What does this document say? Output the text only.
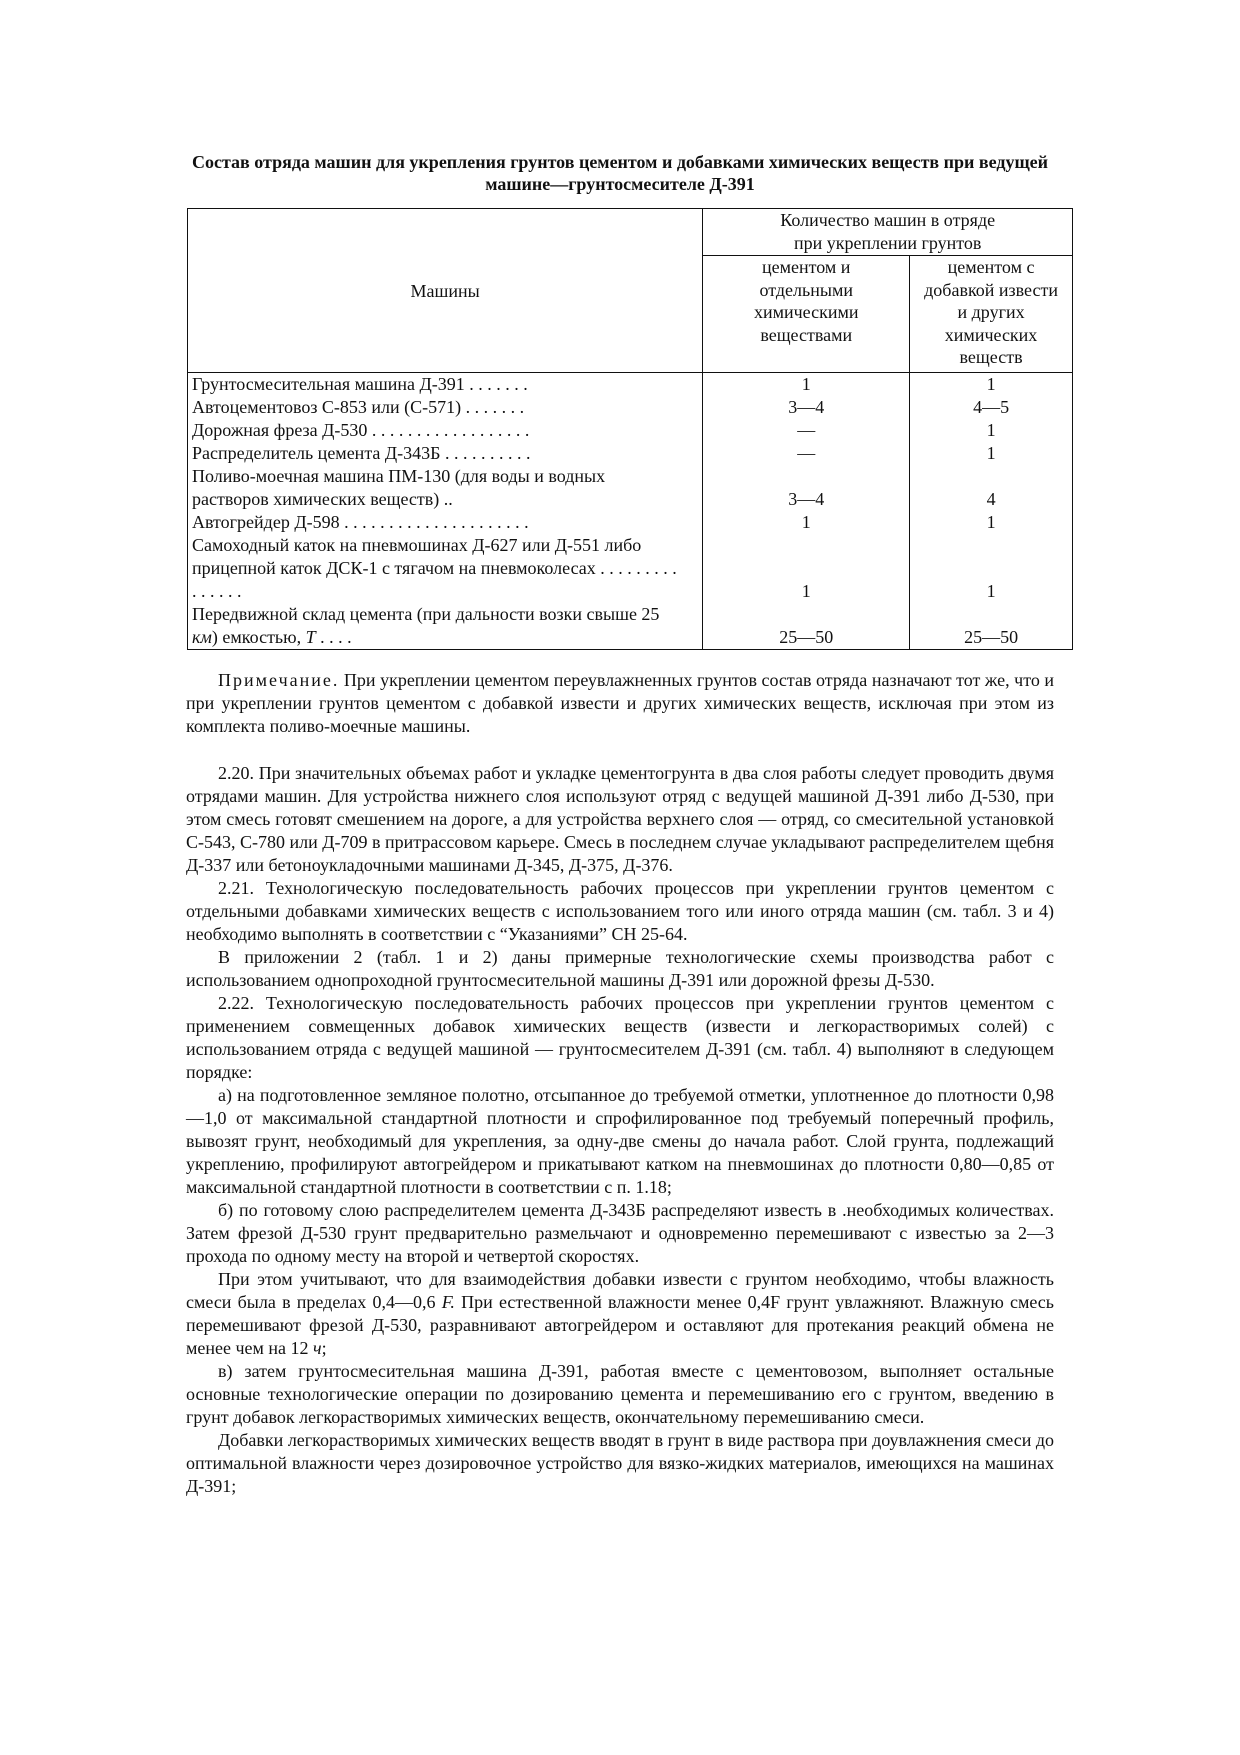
Состав отряда машин для укрепления грунтов цементом и добавками химических веществ при ведущей машине—грунтосмесителе Д-391
Машины	Количество машин в отряде
при укреплении грунтов	

	цементом и
отдельными
химическими
веществами	цементом с
добавкой извести
и других
химических
веществ

Грунтосмесительная машина Д-391 . . . . . . .	1	1
Автоцементовоз С-853 или (С-571) . . . . . . .	3—4	4—5
Дорожная фреза Д-530 . . . . . . . . . . . . . . . . . .	—	1
Распределитель цемента Д-343Б . . . . . . . . . .	—	1
Поливо-моечная машина ПМ-130 (для воды и водных растворов химических веществ) ..	3—4	4
Автогрейдер Д-598 . . . . . . . . . . . . . . . . . . . . .	1	1
Самоходный каток на пневмошинах Д-627 или Д-551 либо прицепной каток ДСК-1 с тягачом на пневмоколесах . . . . . . . . . . . . . . .	1	1
Передвижной склад цемента (при дальности возки свыше 25 км) емкостью, Т . . . .	25—50	25—50

Примечание. При укреплении цементом переувлажненных грунтов состав отряда назначают тот же, что и при укреплении грунтов цементом с добавкой извести и других химических веществ, исключая при этом из комплекта поливо-моечные машины.

2.20. При значительных объемах работ и укладке цементогрунта в два слоя работы следует проводить двумя отрядами машин. Для устройства нижнего слоя используют отряд с ведущей машиной Д-391 либо Д-530, при этом смесь готовят смешением на дороге, а для устройства верхнего слоя — отряд, со смесительной установкой С-543, С-780 или Д-709 в притрассовом карьере. Смесь в последнем случае укладывают распределителем щебня Д-337 или бетоноукладочными машинами Д-345, Д-375, Д-376.

2.21. Технологическую последовательность рабочих процессов при укреплении грунтов цементом с отдельными добавками химических веществ с использованием того или иного отряда машин (см. табл. 3 и 4) необходимо выполнять в соответствии с “Указаниями” СН 25-64.

В приложении 2 (табл. 1 и 2) даны примерные технологические схемы производства работ с использованием однопроходной грунтосмесительной машины Д-391 или дорожной фрезы Д-530.

2.22. Технологическую последовательность рабочих процессов при укреплении грунтов цементом с применением совмещенных добавок химических веществ (извести и легкорастворимых солей) с использованием отряда с ведущей машиной — грунтосмесителем Д-391 (см. табл. 4) выполняют в следующем порядке:

а) на подготовленное земляное полотно, отсыпанное до требуемой отметки, уплотненное до плотности 0,98—1,0 от максимальной стандартной плотности и спрофилированное под требуемый поперечный профиль, вывозят грунт, необходимый для укрепления, за одну-две смены до начала работ. Слой грунта, подлежащий укреплению, профилируют автогрейдером и прикатывают катком на пневмошинах до плотности 0,80—0,85 от максимальной стандартной плотности в соответствии с п. 1.18;

б) по готовому слою распределителем цемента Д-343Б распределяют известь в .необходимых количествах. Затем фрезой Д-530 грунт предварительно размельчают и одновременно перемешивают с известью за 2—3 прохода по одному месту на второй и четвертой скоростях.

При этом учитывают, что для взаимодействия добавки извести с грунтом необходимо, чтобы влажность смеси была в пределах 0,4—0,6 F. При естественной влажности менее 0,4F грунт увлажняют. Влажную смесь перемешивают фрезой Д-530, разравнивают автогрейдером и оставляют для протекания реакций обмена не менее чем на 12 ч;

в) затем грунтосмесительная машина Д-391, работая вместе с цементовозом, выполняет остальные основные технологические операции по дозированию цемента и перемешиванию его с грунтом, введению в грунт добавок легкорастворимых химических веществ, окончательному перемешиванию смеси.

Добавки легкорастворимых химических веществ вводят в грунт в виде раствора при доувлажнения смеси до оптимальной влажности через дозировочное устройство для вязко-жидких материалов, имеющихся на машинах Д-391;
